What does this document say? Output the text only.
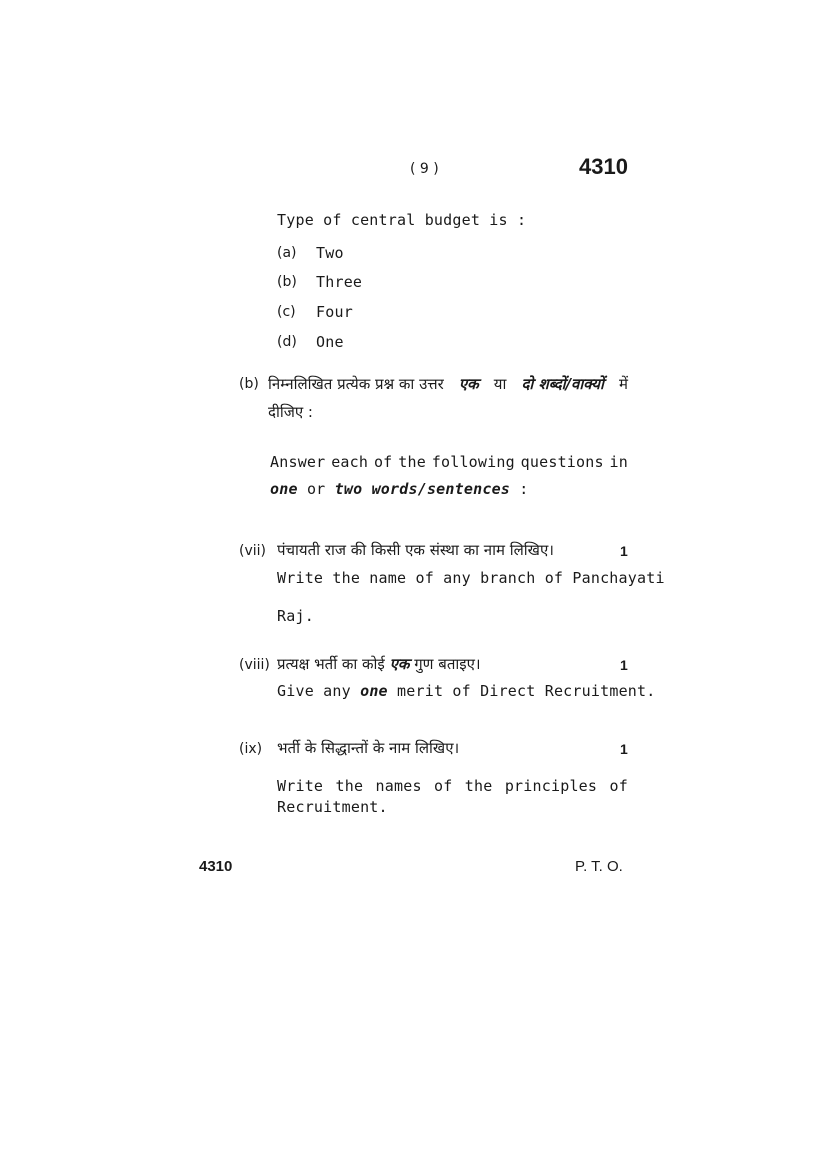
( 9 )	4310
Type of central budget is :
(a) Two
(b) Three
(c) Four
(d) One
(b) निम्नलिखित प्रत्येक प्रश्न का उत्तर एक या दो शब्दों/वाक्यों में
दीजिए :
Answer each of the following questions in
one or two words/sentences :
(vii) पंचायती राज की किसी एक संस्था का नाम लिखिए।	1
Write the name of any branch of Panchayati
Raj.
(viii) प्रत्यक्ष भर्ती का कोई एक गुण बताइए।	1
Give any one merit of Direct Recruitment.
(ix) भर्ती के सिद्धान्तों के नाम लिखिए।	1
Write the names of the principles of
Recruitment.
4310	P. T. O.
